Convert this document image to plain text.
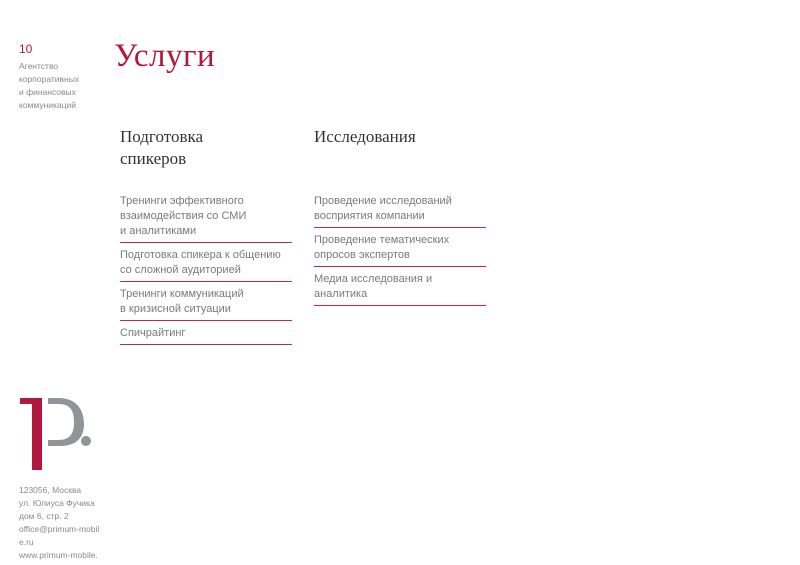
10
Агентство
корпоративных
и финансовых
коммуникаций
Услуги
Подготовка
спикеров
Тренинги эффективного
взаимодействия со СМИ
и аналитиками
Подготовка спикера к общению
со сложной аудиторией
Тренинги коммуникаций
в кризисной ситуации
Спичрайтинг
Исследования
Проведение исследований
восприятия компании
Проведение тематических
опросов экспертов
Медиа исследования и
аналитика
123056, Москва
ул. Юлиуса Фучика
дом 6, стр. 2
office@primum-mobil
e.ru
www.primum-mobile.
